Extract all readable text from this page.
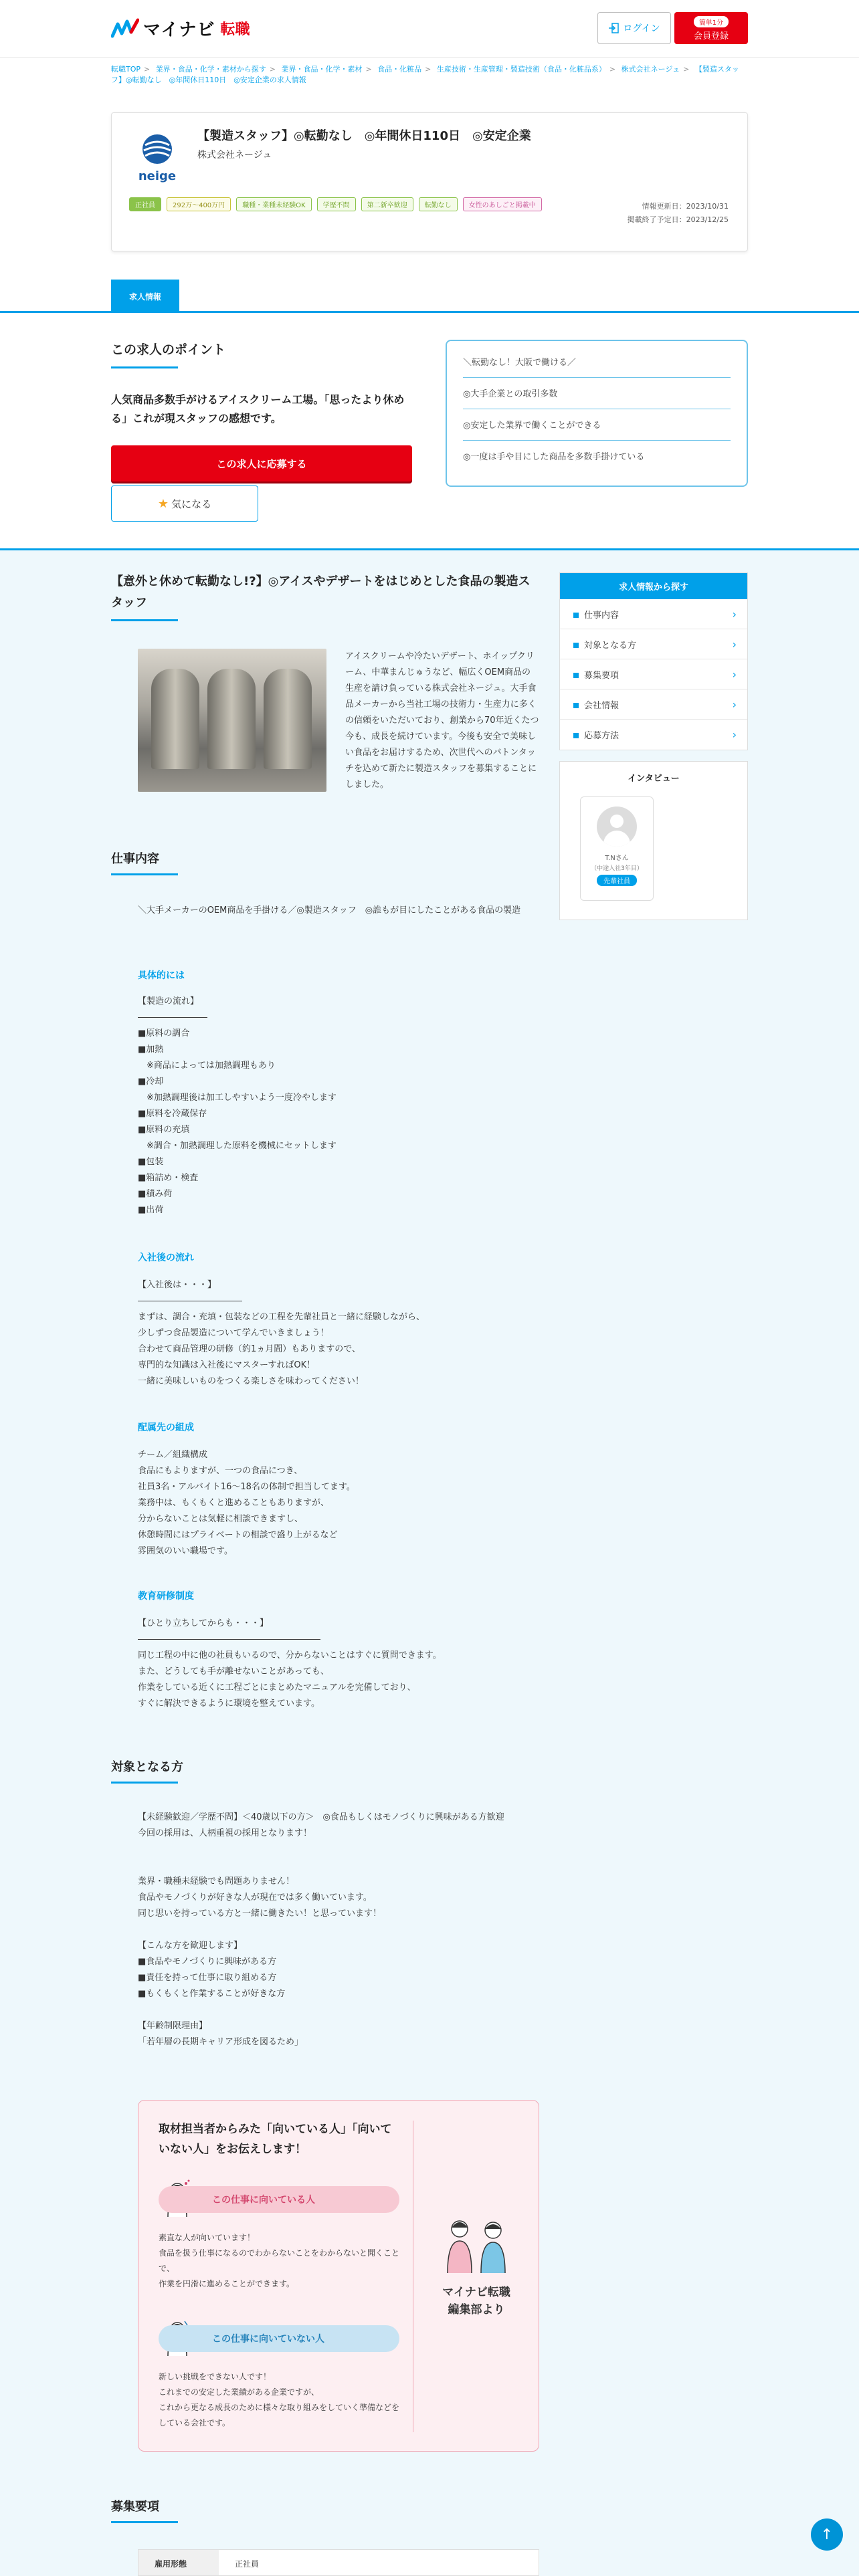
マイナビ 転職	ログイン
簡単1分
会員登録
転職TOP > 業界・食品・化学・素材から探す > 業界・食品・化学・素材 > 食品・化粧品 > 生産技術・生産管理・製造技術（食品・化粧品系） > 株式会社ネージュ > 【製造スタッフ】◎転勤なし　◎年間休日110日　◎安定企業の求人情報
neige
【製造スタッフ】◎転勤なし　◎年間休日110日　◎安定企業
株式会社ネージュ
正社員	292万〜400万円	職種・業種未経験OK	学歴不問	第二新卒歓迎	転勤なし	女性のあしごと掲載中	情報更新日：2023/10/31
掲載終了予定日：2023/12/25
求人情報
この求人のポイント
人気商品多数手がけるアイスクリーム工場。「思ったより休める」これが現スタッフの感想です。
この求人に応募する
★ 気になる
＼転勤なし！大阪で働ける／
◎大手企業との取引多数
◎安定した業界で働くことができる
◎一度は手や目にした商品を多数手掛けている
【意外と休めて転勤なし!?】◎アイスやデザートをはじめとした食品の製造スタッフ
アイスクリームや冷たいデザート、ホイップクリーム、中華まんじゅうなど、幅広くOEM商品の生産を請け負っている株式会社ネージュ。大手食品メーカーから当社工場の技術力・生産力に多くの信頼をいただいており、創業から70年近くたつ今も、成長を続けています。今後も安全で美味しい食品をお届けするため、次世代へのバトンタッチを込めて新たに製造スタッフを募集することにしました。
求人情報から探す
仕事内容	›
対象となる方	›
募集要項	›
会社情報	›
応募方法	›
インタビュー
T.Nさん
（中途入社3年目）
先輩社員
仕事内容
＼大手メーカーのOEM商品を手掛ける／◎製造スタッフ　◎誰もが目にしたことがある食品の製造
具体的には
【製造の流れ】
――――――――
■原料の調合
■加熱
　※商品によっては加熱調理もあり
■冷却
　※加熱調理後は加工しやすいよう一度冷やします
■原料を冷蔵保存
■原料の充填
　※調合・加熱調理した原料を機械にセットします
■包装
■箱詰め・検査
■積み荷
■出荷
入社後の流れ
【入社後は・・・】
――――――――――――
まずは、調合・充填・包装などの工程を先輩社員と一緒に経験しながら、
少しずつ食品製造について学んでいきましょう！
合わせて商品管理の研修（約1ヵ月間）もありますので、
専門的な知識は入社後にマスターすればOK！
一緒に美味しいものをつくる楽しさを味わってください！
配属先の組成
チーム／組織構成
食品にもよりますが、一つの食品につき、
社員3名・アルバイト16〜18名の体制で担当してます。
業務中は、もくもくと進めることもありますが、
分からないことは気軽に相談できますし、
休憩時間にはプライベートの相談で盛り上がるなど
雰囲気のいい職場です。
教育研修制度
【ひとり立ちしてからも・・・】
―――――――――――――――――――――
同じ工程の中に他の社員もいるので、分からないことはすぐに質問できます。
また、どうしても手が離せないことがあっても、
作業をしている近くに工程ごとにまとめたマニュアルを完備しており、
すぐに解決できるように環境を整えています。
対象となる方
【未経験歓迎／学歴不問】＜40歳以下の方＞　◎食品もしくはモノづくりに興味がある方歓迎
今回の採用は、人柄重視の採用となります！

業界・職種未経験でも問題ありません！
食品やモノづくりが好きな人が現在では多く働いています。
同じ思いを持っている方と一緒に働きたい！と思っています！

【こんな方を歓迎します】
■食品やモノづくりに興味がある方
■責任を持って仕事に取り組める方
■もくもくと作業することが好きな方

【年齢制限理由】
「若年層の長期キャリア形成を図るため」
取材担当者からみた「向いている人」「向いていない人」をお伝えします！
この仕事に向いている人
素直な人が向いています！
食品を扱う仕事になるのでわからないことをわからないと聞くことで、
作業を円滑に進めることができます。
この仕事に向いていない人
新しい挑戦をできない人です！
これまでの安定した業績がある企業ですが、
これから更なる成長のために様々な取り組みをしていく準備などをしている会社です。
マイナビ転職
編集部より
募集要項
雇用形態	正社員
↑
